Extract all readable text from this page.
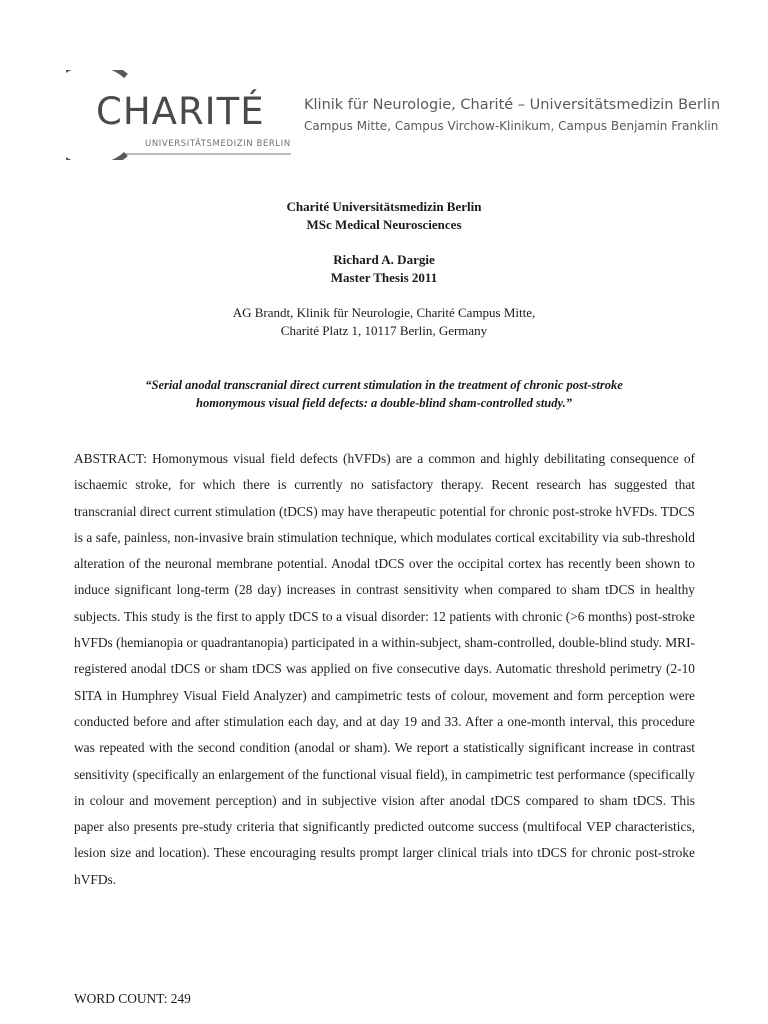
CHARITÉ
UNIVERSITÄTSMEDIZIN BERLIN
Klinik für Neurologie, Charité – Universitätsmedizin Berlin
Campus Mitte, Campus Virchow-Klinikum, Campus Benjamin Franklin
Charité Universitätsmedizin Berlin
MSc Medical Neurosciences
Richard A. Dargie
Master Thesis 2011
AG Brandt, Klinik für Neurologie, Charité Campus Mitte,
Charité Platz 1, 10117 Berlin, Germany
“Serial anodal transcranial direct current stimulation in the treatment of chronic post-stroke
homonymous visual field defects: a double-blind sham-controlled study.”

ABSTRACT: Homonymous visual field defects (hVFDs) are a common and highly debilitating consequence of ischaemic stroke, for which there is currently no satisfactory therapy. Recent research has suggested that transcranial direct current stimulation (tDCS) may have therapeutic potential for chronic post-stroke hVFDs. TDCS is a safe, painless, non-invasive brain stimulation technique, which modulates cortical excitability via sub-threshold alteration of the neuronal membrane potential. Anodal tDCS over the occipital cortex has recently been shown to induce significant long-term (28 day) increases in contrast sensitivity when compared to sham tDCS in healthy subjects. This study is the first to apply tDCS to a visual disorder: 12 patients with chronic (>6 months) post-stroke hVFDs (hemianopia or quadrantanopia) participated in a within-subject, sham-controlled, double-blind study. MRI-registered anodal tDCS or sham tDCS was applied on five consecutive days. Automatic threshold perimetry (2-10 SITA in Humphrey Visual Field Analyzer) and campimetric tests of colour, movement and form perception were conducted before and after stimulation each day, and at day 19 and 33. After a one-month interval, this procedure was repeated with the second condition (anodal or sham). We report a statistically significant increase in contrast sensitivity (specifically an enlargement of the functional visual field), in campimetric test performance (specifically in colour and movement perception) and in subjective vision after anodal tDCS compared to sham tDCS. This paper also presents pre-study criteria that significantly predicted outcome success (multifocal VEP characteristics, lesion size and location). These encouraging results prompt larger clinical trials into tDCS for chronic post-stroke hVFDs.

WORD COUNT: 249
